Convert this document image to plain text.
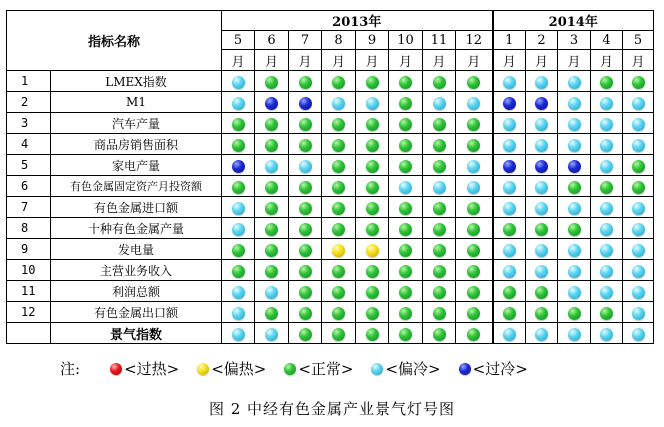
指标名称		2013年								2014年				
		5	6	7	8	9	10	11	12	1	2	3	4	5
		月	月	月	月	月	月	月	月	月	月	月	月	月
1	LMEX指数													
2	M1													
3	汽车产量													
4	商品房销售面积													
5	家电产量													
6	有色金属固定资产月投资额													
7	有色金属进口额													
8	十种有色金属产量													
9	发电量													
10	主营业务收入													
11	利润总额													
12	有色金属出口额													
	景气指数													
注:	<过热> <偏热> <正常> <偏冷> <过冷>
图 2 中经有色金属产业景气灯号图
